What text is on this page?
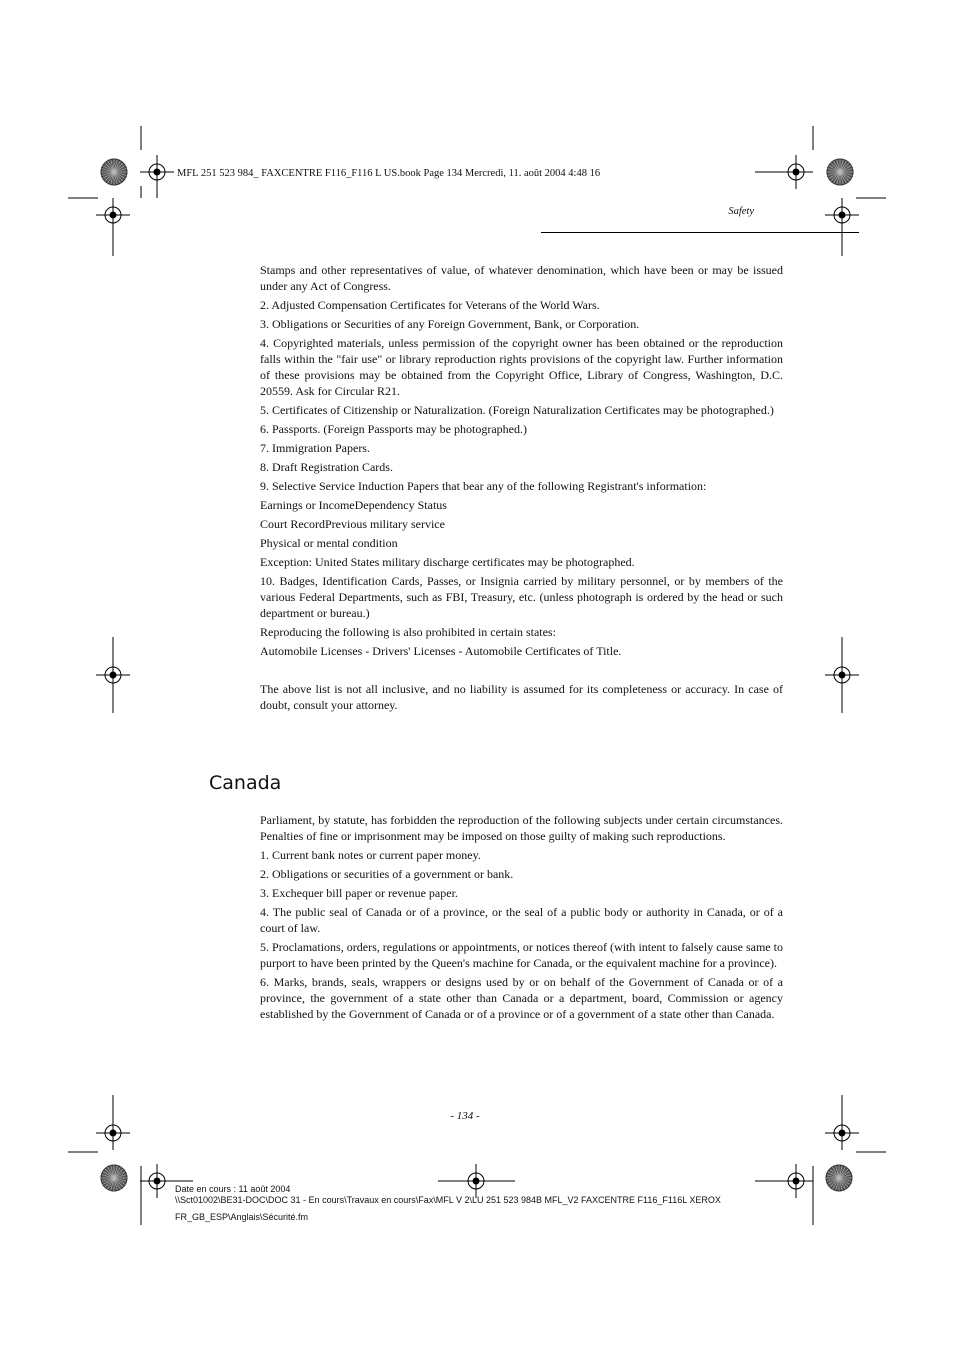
MFL 251 523 984_ FAXCENTRE F116_F116 L US.book Page 134 Mercredi, 11. août 2004 4:48 16
Safety

Stamps and other representatives of value, of whatever denomination, which have been or may be issued under any Act of Congress.

2. Adjusted Compensation Certificates for Veterans of the World Wars.

3. Obligations or Securities of any Foreign Government, Bank, or Corporation.

4. Copyrighted materials, unless permission of the copyright owner has been obtained or the reproduction falls within the "fair use" or library reproduction rights provisions of the copyright law. Further information of these provisions may be obtained from the Copyright Office, Library of Congress, Washington, D.C. 20559. Ask for Circular R21.

5. Certificates of Citizenship or Naturalization. (Foreign Naturalization Certificates may be photographed.)

6. Passports. (Foreign Passports may be photographed.)

7. Immigration Papers.

8. Draft Registration Cards.

9. Selective Service Induction Papers that bear any of the following Registrant's information:

Earnings or IncomeDependency Status

Court RecordPrevious military service

Physical or mental condition

Exception: United States military discharge certificates may be photographed.

10. Badges, Identification Cards, Passes, or Insignia carried by military personnel, or by members of the various Federal Departments, such as FBI, Treasury, etc. (unless photograph is ordered by the head or such department or bureau.)

Reproducing the following is also prohibited in certain states:

Automobile Licenses - Drivers' Licenses - Automobile Certificates of Title.

The above list is not all inclusive, and no liability is assumed for its completeness or accuracy. In case of doubt, consult your attorney.

Canada

Parliament, by statute, has forbidden the reproduction of the following subjects under certain circumstances. Penalties of fine or imprisonment may be imposed on those guilty of making such reproductions.

1. Current bank notes or current paper money.

2. Obligations or securities of a government or bank.

3. Exchequer bill paper or revenue paper.

4. The public seal of Canada or of a province, or the seal of a public body or authority in Canada, or of a court of law.

5. Proclamations, orders, regulations or appointments, or notices thereof (with intent to falsely cause same to purport to have been printed by the Queen's machine for Canada, or the equivalent machine for a province).

6. Marks, brands, seals, wrappers or designs used by or on behalf of the Government of Canada or of a province, the government of a state other than Canada or a department, board, Commission or agency established by the Government of Canada or of a province or of a government of a state other than Canada.

- 134 -
Date en cours : 11 août 2004
\\Sct01002\BE31-DOC\DOC 31 - En cours\Travaux en cours\Fax\MFL V 2\LU 251 523 984B MFL_V2 FAXCENTRE F116_F116L XEROX
FR_GB_ESP\Anglais\Sécurité.fm
